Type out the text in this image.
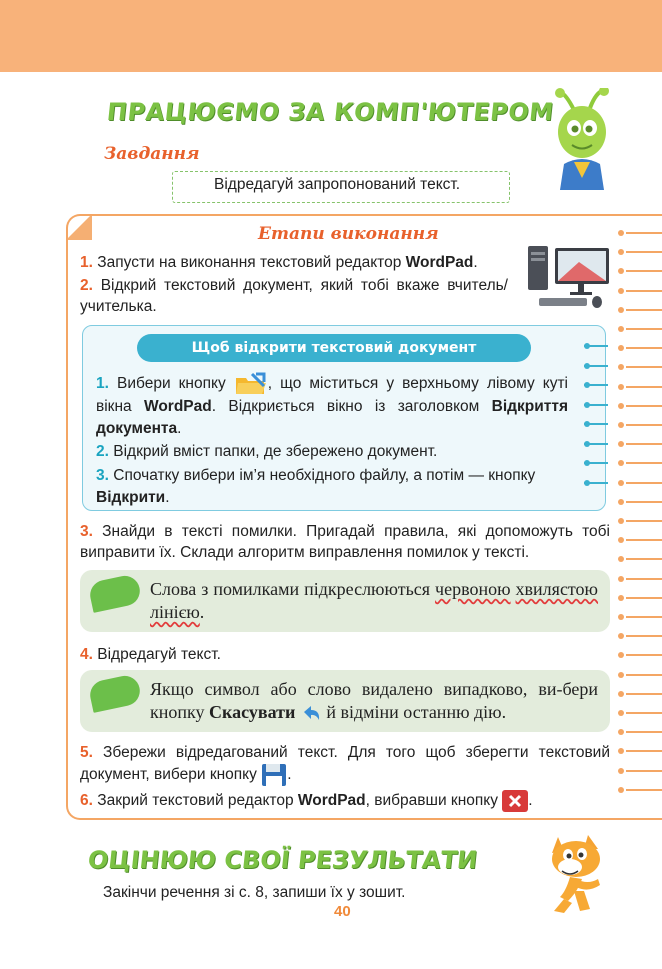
ПРАЦЮЄМО ЗА КОМП'ЮТЕРОМ
Завдання
Відредагуй запропонований текст.
Етапи виконання
1. Запусти на виконання текстовий редактор WordPad.
2. Відкрий текстовий документ, який тобі вкаже вчитель/учителька.
Щоб відкрити текстовий документ
1. Вибери кнопку , що міститься у верхньому лівому куті вікна WordPad. Відкриється вікно із заголовком Відкриття документа.
2. Відкрий вміст папки, де збережено документ.
3. Спочатку вибери ім’я необхідного файлу, а потім — кнопку Відкрити.
3. Знайди в тексті помилки. Пригадай правила, які допоможуть тобі виправити їх. Склади алгоритм виправлення помилок у тексті.
Слова з помилками підкреслюються червоною хвилястою лінією.
4. Відредагуй текст.
Якщо символ або слово видалено випадково, ви-бери кнопку Скасувати  й відміни останню дію.
5. Збережи відредагований текст. Для того щоб зберегти текстовий документ, вибери кнопку .
6. Закрий текстовий редактор WordPad, вибравши кнопку .
ОЦІНЮЮ СВОЇ РЕЗУЛЬТАТИ
Закінчи речення зі с. 8, запиши їх у зошит.
40
